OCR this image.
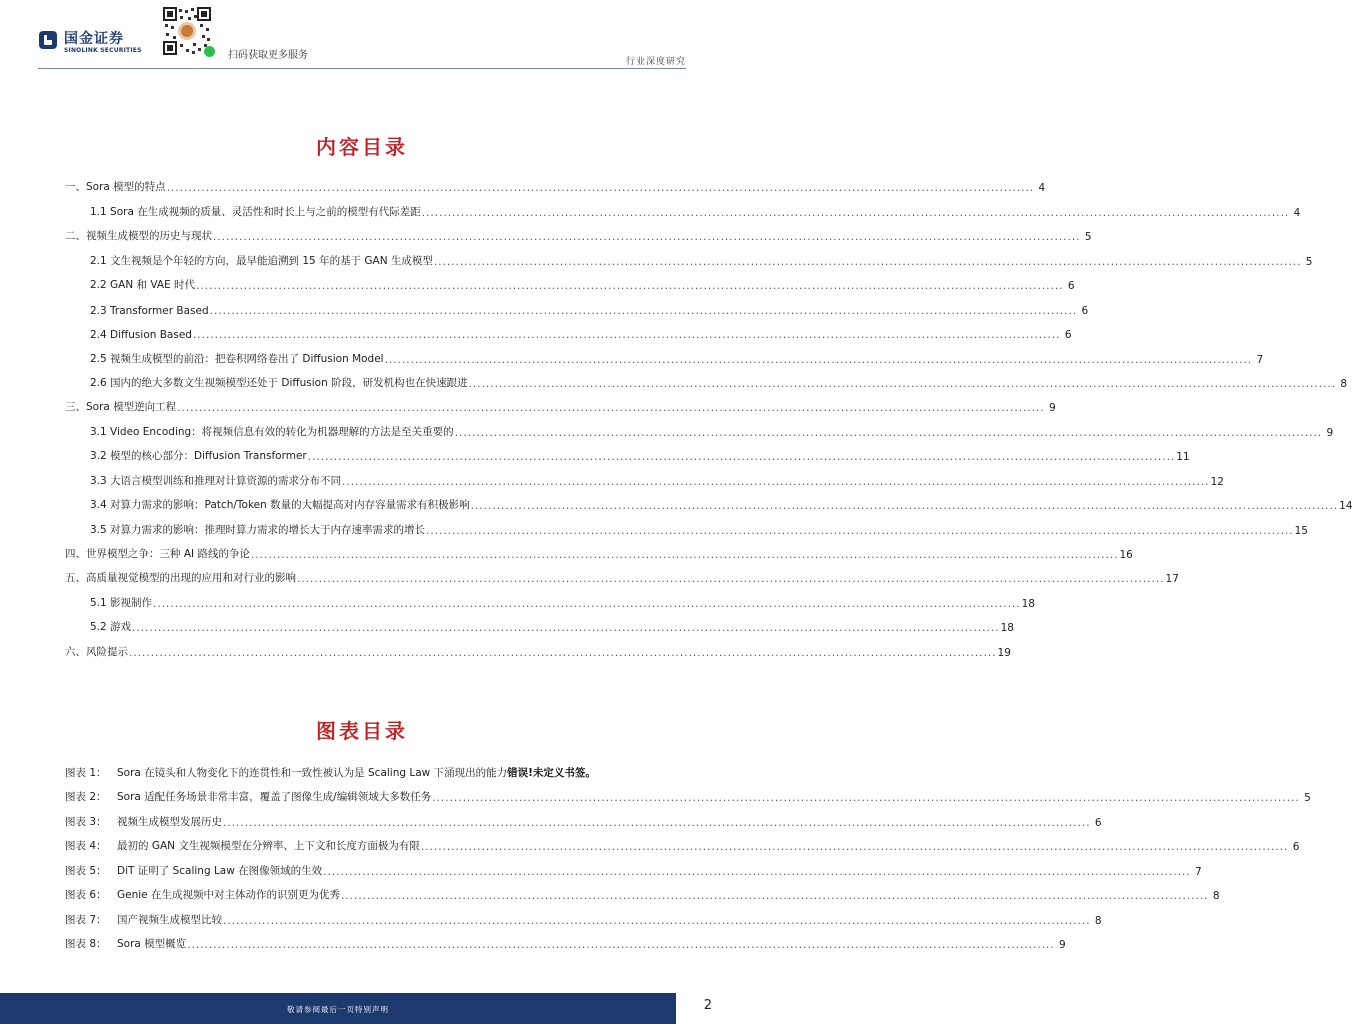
国金证券
SINOLINK SECURITIES	扫码获取更多服务
行业深度研究
内容目录
一、Sora 模型的特点 .....	4
1.1 Sora 在生成视频的质量、灵活性和时长上与之前的模型有代际差距 .....	4
二、视频生成模型的历史与现状 .....	5
2.1 文生视频是个年轻的方向，最早能追溯到 15 年的基于 GAN 生成模型 .....	5
2.2 GAN 和 VAE 时代 .....	6
2.3 Transformer Based .....	6
2.4 Diffusion Based .....	6
2.5 视频生成模型的前沿：把卷积网络卷出了 Diffusion Model .....	7
2.6 国内的绝大多数文生视频模型还处于 Diffusion 阶段，研发机构也在快速跟进 .....	8
三、Sora 模型逆向工程 .....	9
3.1 Video Encoding：将视频信息有效的转化为机器理解的方法是至关重要的 .....	9
3.2 模型的核心部分：Diffusion Transformer .....	11
3.3 大语言模型训练和推理对计算资源的需求分布不同 .....	12
3.4 对算力需求的影响：Patch/Token 数量的大幅提高对内存容量需求有积极影响 .....	14
3.5 对算力需求的影响：推理时算力需求的增长大于内存速率需求的增长 .....	15
四、世界模型之争：三种 AI 路线的争论 .....	16
五、高质量视觉模型的出现的应用和对行业的影响 .....	17
5.1 影视制作 .....	18
5.2 游戏 .....	18
六、风险提示 .....	19
图表目录
图表 1： Sora 在镜头和人物变化下的连贯性和一致性被认为是 Scaling Law 下涌现出的能力 错误!未定义书签。
图表 2： Sora 适配任务场景非常丰富，覆盖了图像生成/编辑领域大多数任务 .....	5
图表 3： 视频生成模型发展历史 .....	6
图表 4： 最初的 GAN 文生视频模型在分辨率、上下文和长度方面极为有限 .....	6
图表 5： DiT 证明了 Scaling Law 在图像领域的生效 .....	7
图表 6： Genie 在生成视频中对主体动作的识别更为优秀 .....	8
图表 7： 国产视频生成模型比较 .....	8
图表 8： Sora 模型概览 .....	9
敬请参阅最后一页特别声明	2
